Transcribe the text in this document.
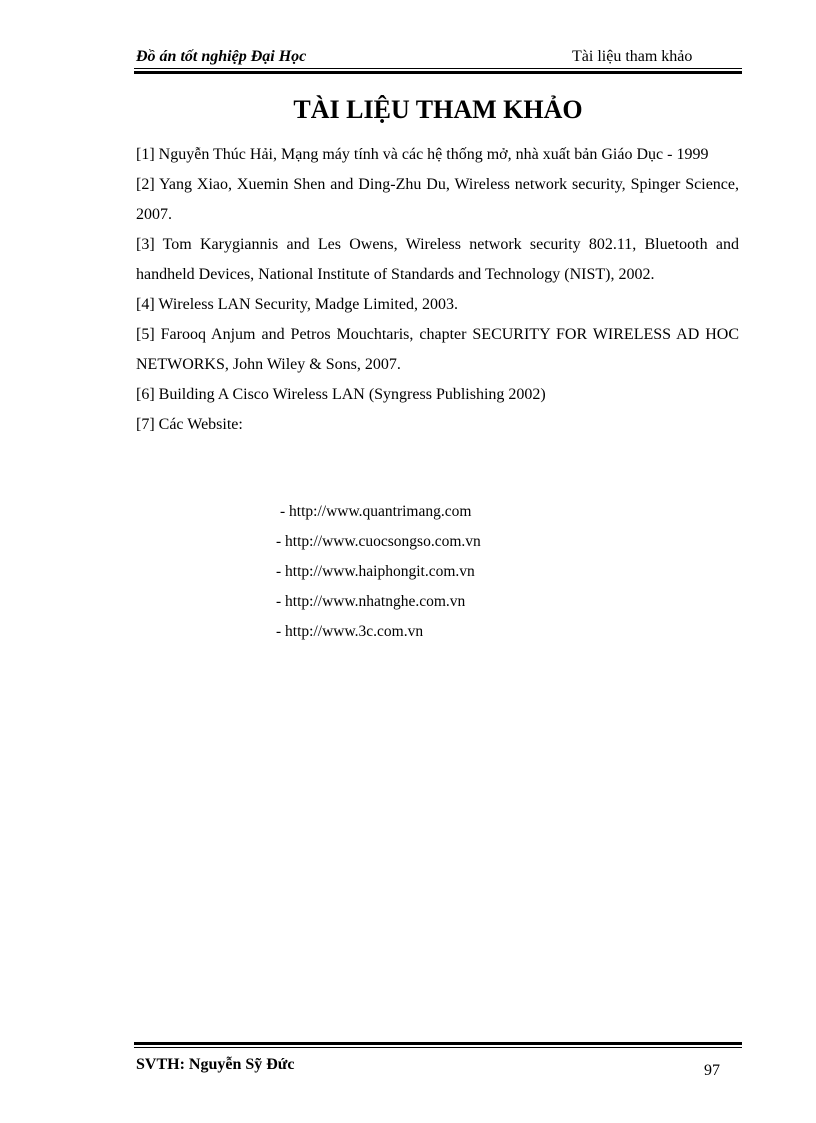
Đồ án tốt nghiệp Đại Học	Tài liệu tham khảo
TÀI LIỆU THAM KHẢO

[1] Nguyễn Thúc Hải, Mạng máy tính và các hệ thống mở, nhà xuất bản Giáo Dục - 1999

[2] Yang Xiao, Xuemin Shen and Ding-Zhu Du, Wireless network security, Spinger Science, 2007.

[3] Tom Karygiannis and Les Owens, Wireless network security 802.11, Bluetooth and handheld Devices, National Institute of Standards and Technology (NIST), 2002.

[4] Wireless LAN Security, Madge Limited, 2003.

[5] Farooq Anjum and Petros Mouchtaris, chapter SECURITY FOR WIRELESS AD HOC NETWORKS, John Wiley & Sons, 2007.

[6] Building A Cisco Wireless LAN (Syngress Publishing 2002)

[7] Các Website:

- http://www.quantrimang.com
- http://www.cuocsongso.com.vn
- http://www.haiphongit.com.vn
- http://www.nhatnghe.com.vn
- http://www.3c.com.vn
SVTH: Nguyễn Sỹ Đức	97
